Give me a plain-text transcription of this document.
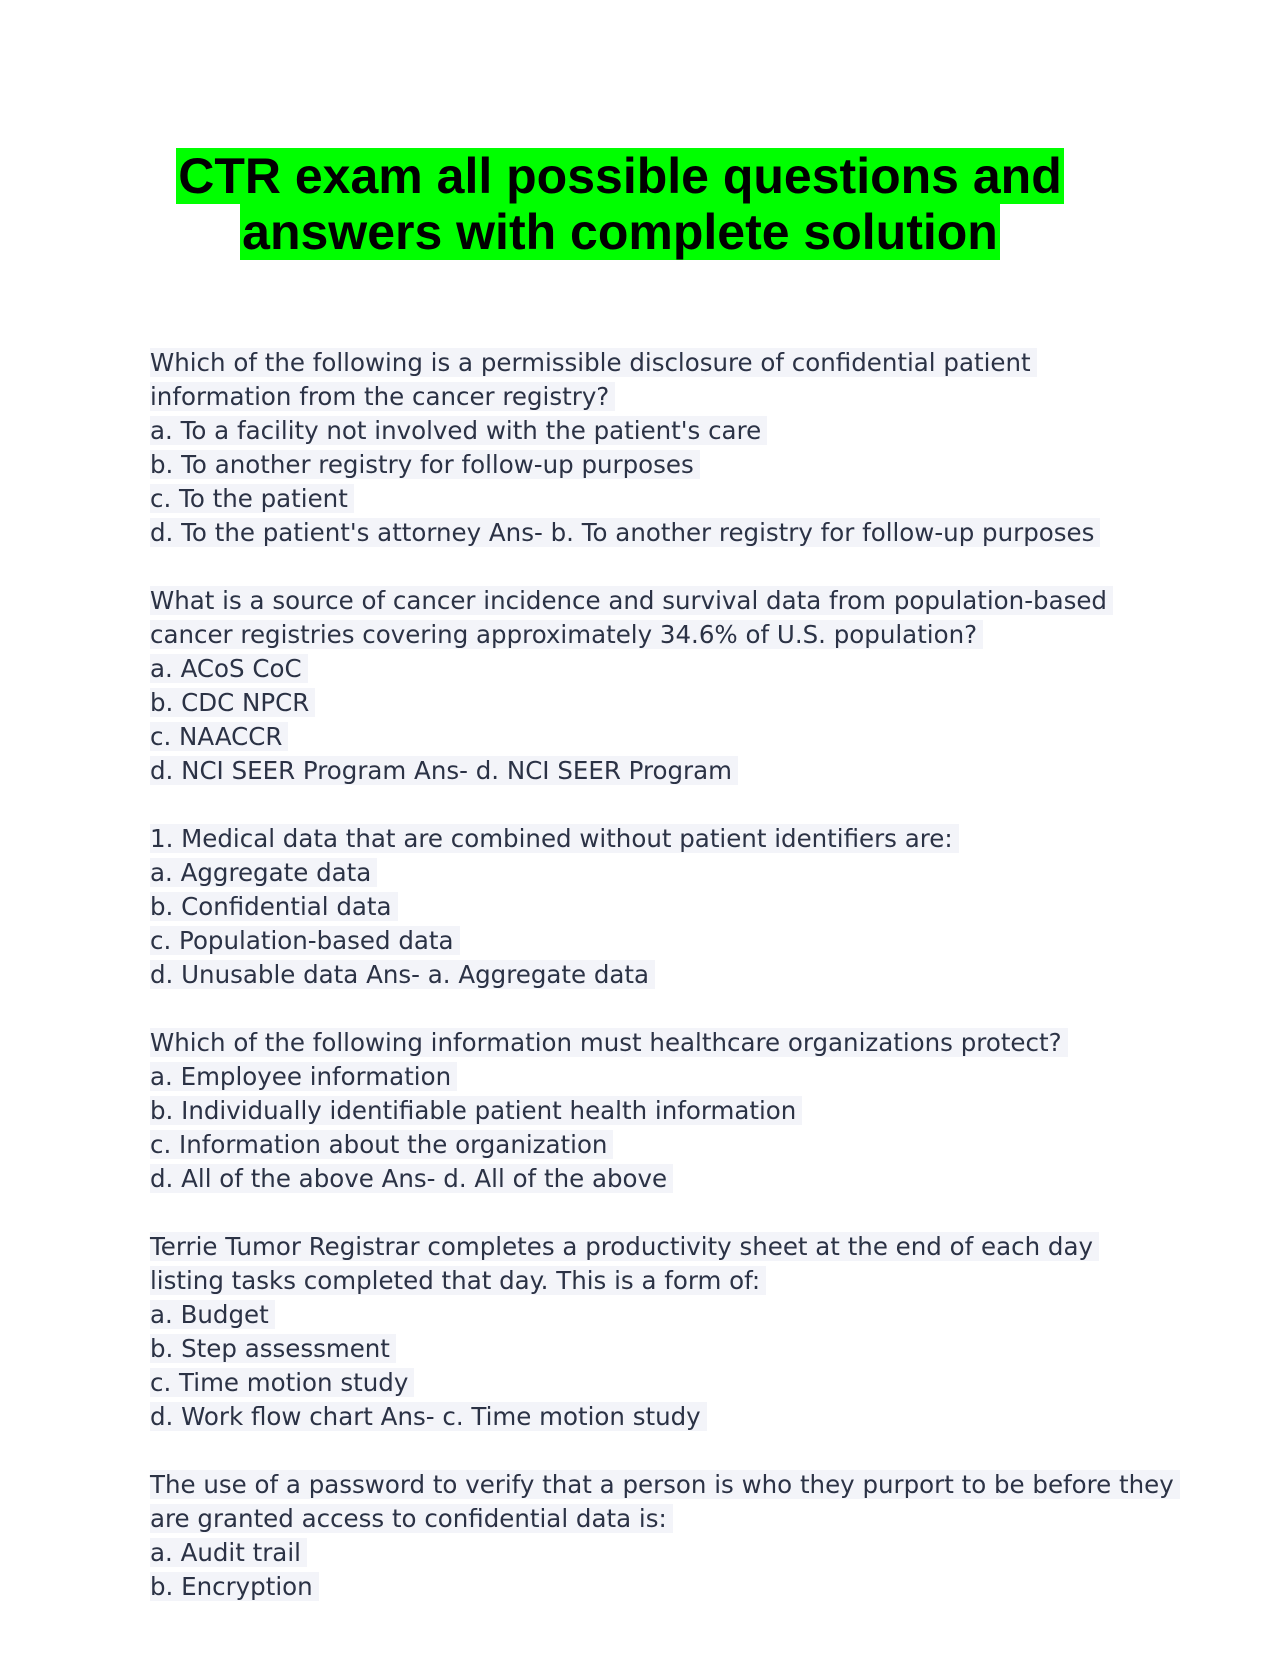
CTR exam all possible questions and
answers with complete solution
Which of the following is a permissible disclosure of confidential patient
information from the cancer registry?
a. To a facility not involved with the patient's care
b. To another registry for follow-up purposes
c. To the patient
d. To the patient's attorney Ans- b. To another registry for follow-up purposes
What is a source of cancer incidence and survival data from population-based
cancer registries covering approximately 34.6% of U.S. population?
a. ACoS CoC
b. CDC NPCR
c. NAACCR
d. NCI SEER Program Ans- d. NCI SEER Program
1. Medical data that are combined without patient identifiers are:
a. Aggregate data
b. Confidential data
c. Population-based data
d. Unusable data Ans- a. Aggregate data
Which of the following information must healthcare organizations protect?
a. Employee information
b. Individually identifiable patient health information
c. Information about the organization
d. All of the above Ans- d. All of the above
Terrie Tumor Registrar completes a productivity sheet at the end of each day
listing tasks completed that day. This is a form of:
a. Budget
b. Step assessment
c. Time motion study
d. Work flow chart Ans- c. Time motion study
The use of a password to verify that a person is who they purport to be before they
are granted access to confidential data is:
a. Audit trail
b. Encryption
